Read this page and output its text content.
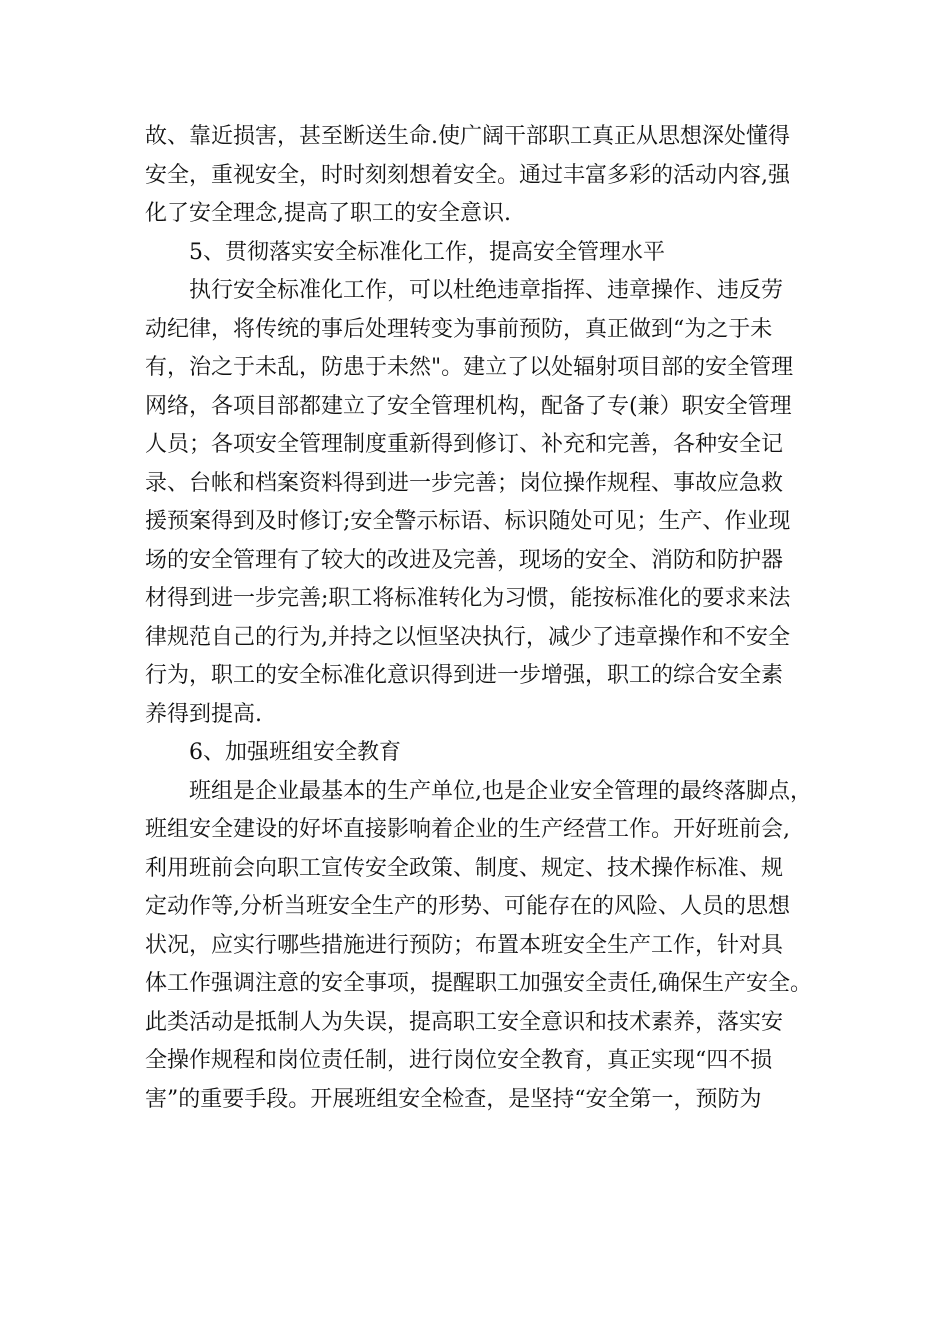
故、靠近损害，甚至断送生命.使广阔干部职工真正从思想深处懂得
安全，重视安全，时时刻刻想着安全。通过丰富多彩的活动内容,强
化了安全理念,提高了职工的安全意识.
5、贯彻落实安全标准化工作，提高安全管理水平
执行安全标准化工作，可以杜绝违章指挥、违章操作、违反劳
动纪律，将传统的事后处理转变为事前预防，真正做到“为之于未
有，治之于未乱，防患于未然"。建立了以处辐射项目部的安全管理
网络，各项目部都建立了安全管理机构，配备了专(兼）职安全管理
人员；各项安全管理制度重新得到修订、补充和完善，各种安全记
录、台帐和档案资料得到进一步完善；岗位操作规程、事故应急救
援预案得到及时修订;安全警示标语、标识随处可见；生产、作业现
场的安全管理有了较大的改进及完善，现场的安全、消防和防护器
材得到进一步完善;职工将标准转化为习惯，能按标准化的要求来法
律规范自己的行为,并持之以恒坚决执行，减少了违章操作和不安全
行为，职工的安全标准化意识得到进一步增强，职工的综合安全素
养得到提高.
6、加强班组安全教育
班组是企业最基本的生产单位,也是企业安全管理的最终落脚点，
班组安全建设的好坏直接影响着企业的生产经营工作。开好班前会,
利用班前会向职工宣传安全政策、制度、规定、技术操作标准、规
定动作等,分析当班安全生产的形势、可能存在的风险、人员的思想
状况，应实行哪些措施进行预防；布置本班安全生产工作，针对具
体工作强调注意的安全事项，提醒职工加强安全责任,确保生产安全。
此类活动是抵制人为失误，提高职工安全意识和技术素养，落实安
全操作规程和岗位责任制，进行岗位安全教育，真正实现“四不损
害”的重要手段。开展班组安全检查，是坚持“安全第一，预防为
